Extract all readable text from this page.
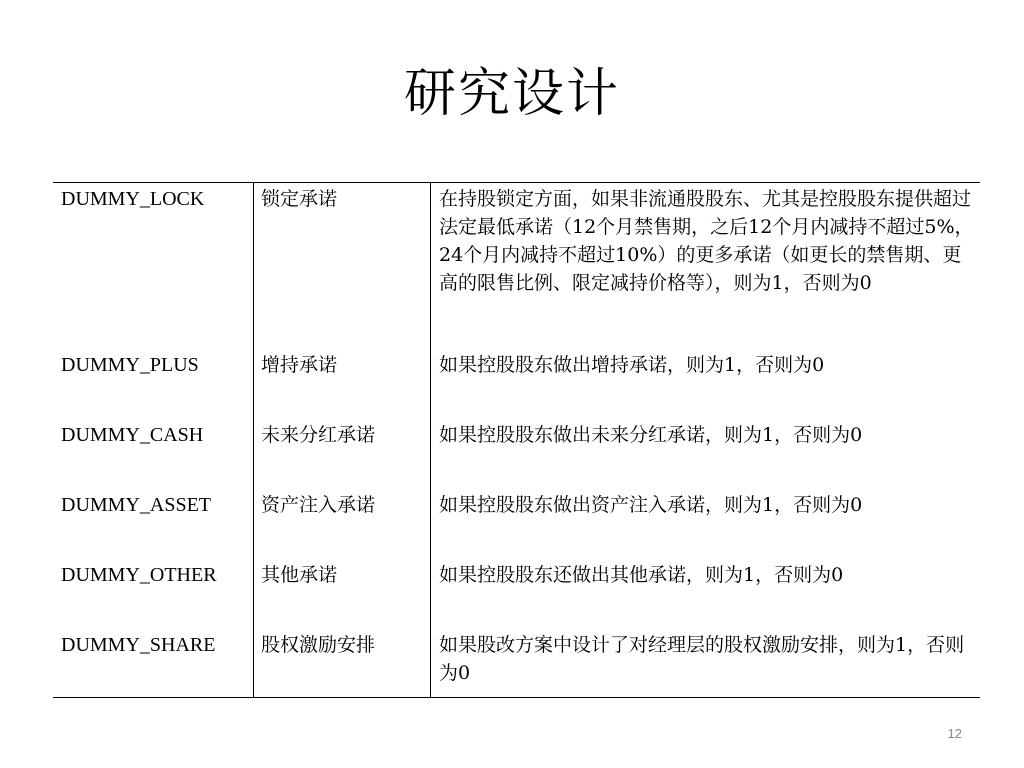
研究设计
DUMMY_LOCK	锁定承诺	在持股锁定方面，如果非流通股股东、尤其是控股股东提供超过法定最低承诺（12个月禁售期，之后12个月内减持不超过5%，24个月内减持不超过10%）的更多承诺（如更长的禁售期、更高的限售比例、限定减持价格等），则为1，否则为0
DUMMY_PLUS	增持承诺	如果控股股东做出增持承诺，则为1，否则为0
DUMMY_CASH	未来分红承诺	如果控股股东做出未来分红承诺，则为1，否则为0
DUMMY_ASSET	资产注入承诺	如果控股股东做出资产注入承诺，则为1，否则为0
DUMMY_OTHER 其他承诺	如果控股股东还做出其他承诺，则为1，否则为0
DUMMY_SHARE 股权激励安排	如果股改方案中设计了对经理层的股权激励安排，则为1，否则为0
12
